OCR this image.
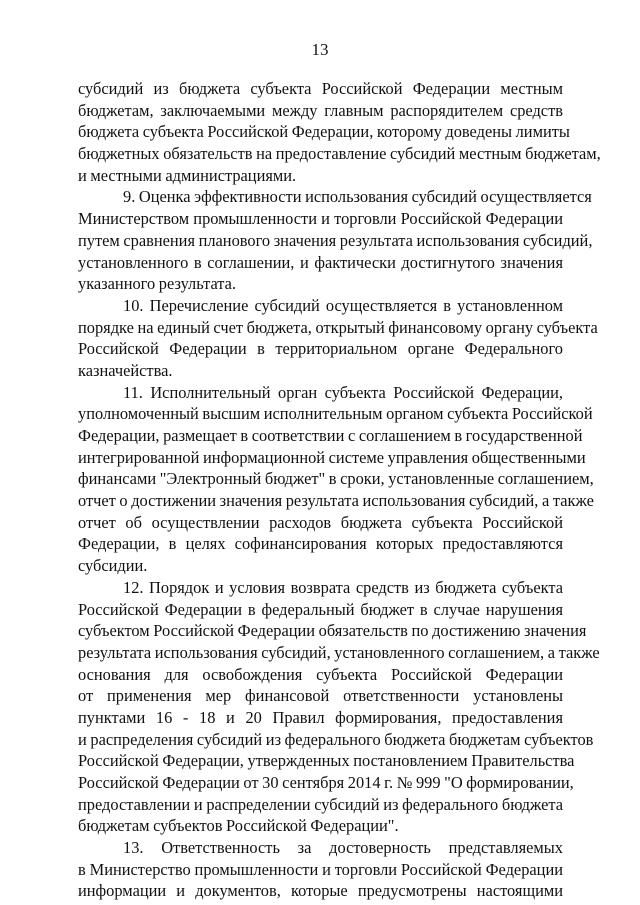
13
субсидий из бюджета субъекта Российской Федерации местным
бюджетам, заключаемыми между главным распорядителем средств
бюджета субъекта Российской Федерации, которому доведены лимиты
бюджетных обязательств на предоставление субсидий местным бюджетам,
и местными администрациями.
9. Оценка эффективности использования субсидий осуществляется
Министерством промышленности и торговли Российской Федерации
путем сравнения планового значения результата использования субсидий,
установленного в соглашении, и фактически достигнутого значения
указанного результата.
10. Перечисление субсидий осуществляется в установленном
порядке на единый счет бюджета, открытый финансовому органу субъекта
Российской Федерации в территориальном органе Федерального
казначейства.
11. Исполнительный орган субъекта Российской Федерации,
уполномоченный высшим исполнительным органом субъекта Российской
Федерации, размещает в соответствии с соглашением в государственной
интегрированной информационной системе управления общественными
финансами "Электронный бюджет" в сроки, установленные соглашением,
отчет о достижении значения результата использования субсидий, а также
отчет об осуществлении расходов бюджета субъекта Российской
Федерации, в целях софинансирования которых предоставляются
субсидии.
12. Порядок и условия возврата средств из бюджета субъекта
Российской Федерации в федеральный бюджет в случае нарушения
субъектом Российской Федерации обязательств по достижению значения
результата использования субсидий, установленного соглашением, а также
основания для освобождения субъекта Российской Федерации
от применения мер финансовой ответственности установлены
пунктами 16 - 18 и 20 Правил формирования, предоставления
и распределения субсидий из федерального бюджета бюджетам субъектов
Российской Федерации, утвержденных постановлением Правительства
Российской Федерации от 30 сентября 2014 г. № 999 "О формировании,
предоставлении и распределении субсидий из федерального бюджета
бюджетам субъектов Российской Федерации".
13. Ответственность за достоверность представляемых
в Министерство промышленности и торговли Российской Федерации
информации и документов, которые предусмотрены настоящими
